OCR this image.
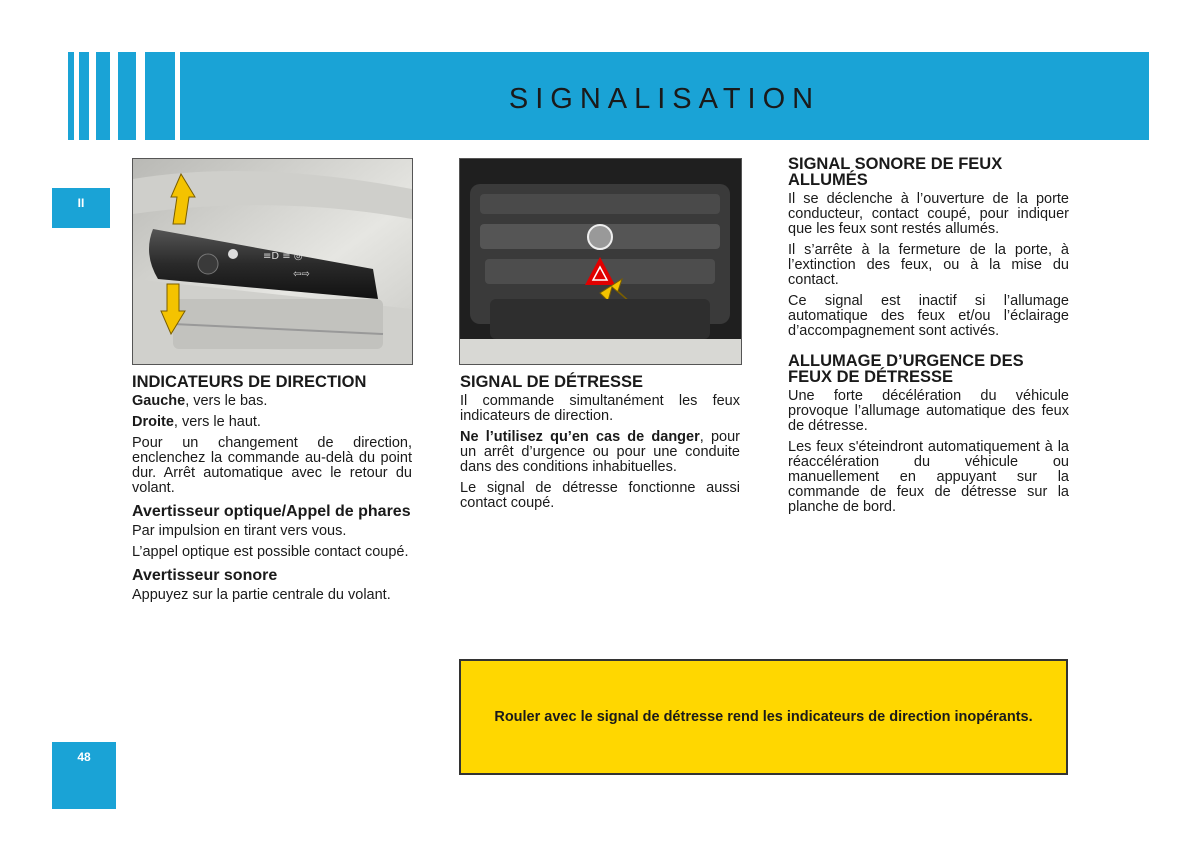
SIGNALISATION
II
≡D ≡ ◎
⇦⇨
INDICATEURS DE DIRECTION

Gauche, vers le bas.

Droite, vers le haut.

Pour un changement de direction, enclenchez la commande au-delà du point dur. Arrêt automatique avec le retour du volant.

Avertisseur optique/Appel de phares

Par impulsion en tirant vers vous.

L’appel optique est possible contact coupé.

Avertisseur sonore

Appuyez sur la partie centrale du volant.

SIGNAL DE DÉTRESSE

Il commande simultanément les feux indicateurs de direction.

Ne l’utilisez qu’en cas de danger, pour un arrêt d’urgence ou pour une conduite dans des conditions inhabituelles.

Le signal de détresse fonctionne aussi contact coupé.

SIGNAL SONORE DE FEUX ALLUMÉS

Il se déclenche à l’ouverture de la porte conducteur, contact coupé, pour indiquer que les feux sont restés allumés.

Il s’arrête à la fermeture de la porte, à l’extinction des feux, ou à la mise du contact.

Ce signal est inactif si l’allumage automatique des feux et/ou l’éclairage d’accompagnement sont activés.

ALLUMAGE D’URGENCE DES FEUX DE DÉTRESSE

Une forte décélération du véhicule provoque l’allumage automatique des feux de détresse.

Les feux s'éteindront automatiquement à la réaccélération du véhicule ou manuellement en appuyant sur la commande de feux de détresse sur la planche de bord.

Rouler avec le signal de détresse rend les indicateurs de direction inopérants.
48
